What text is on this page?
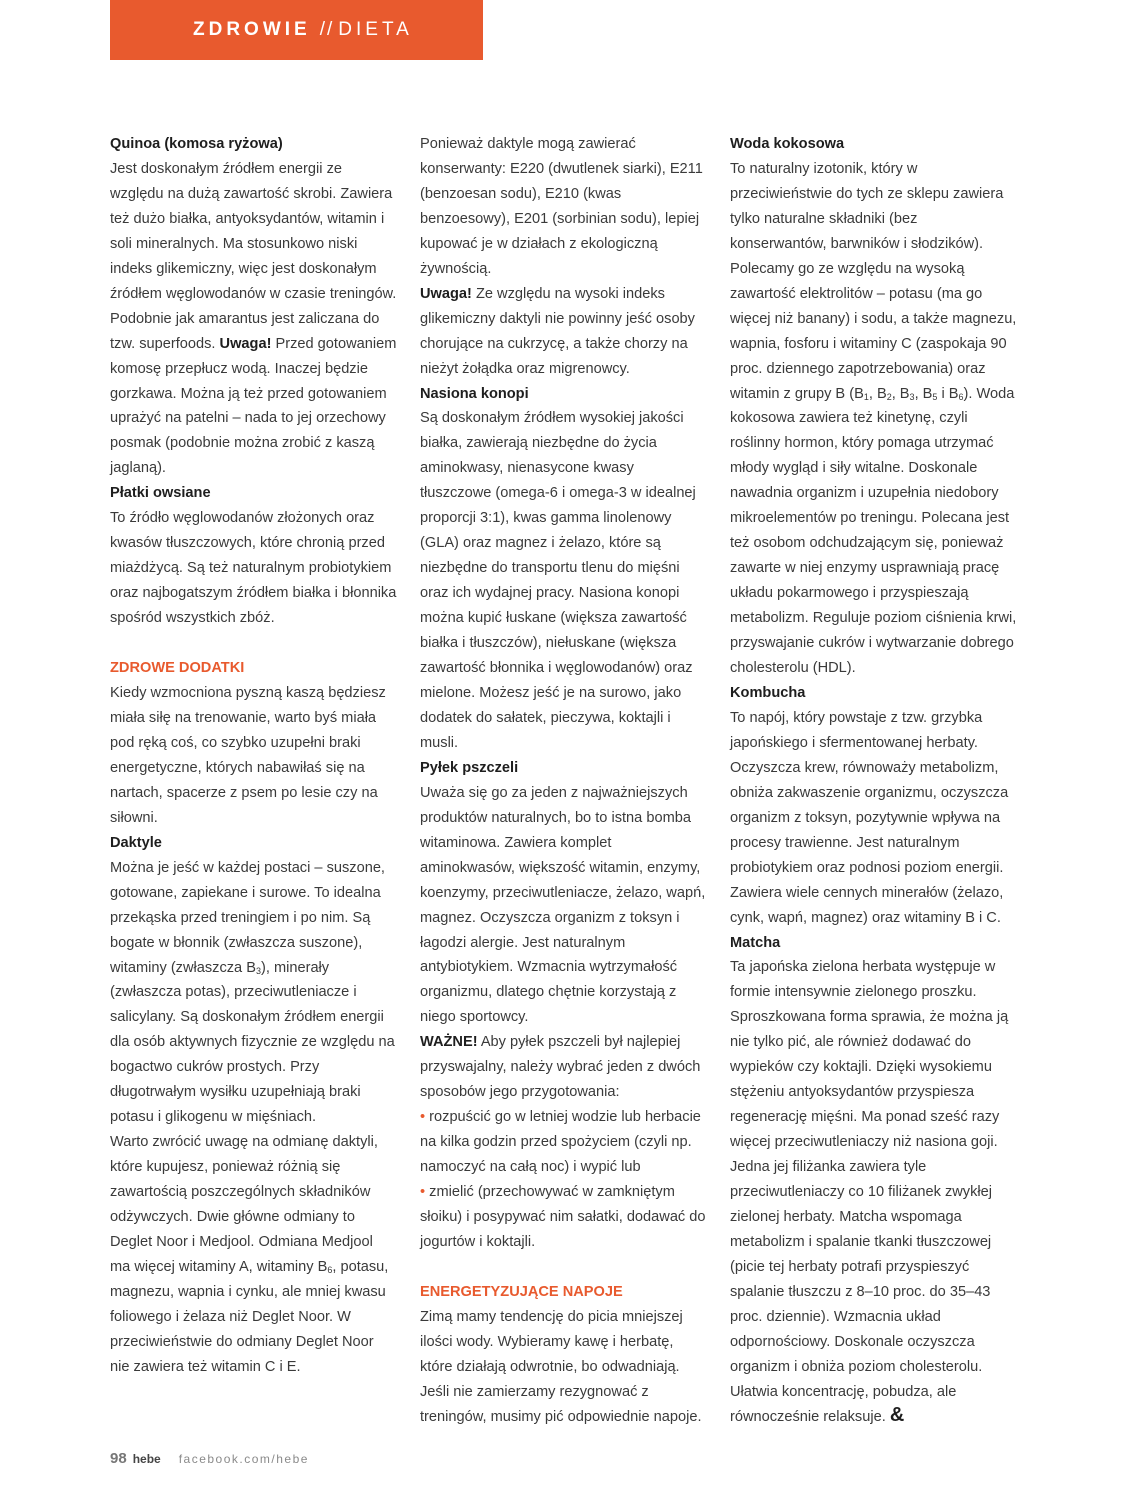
ZDROWIE // DIETA

Quinoa (komosa ryżowa)

Jest doskonałym źródłem energii ze względu na dużą zawartość skrobi. Zawiera też dużo białka, antyoksydantów, witamin i soli mineralnych. Ma stosunkowo niski indeks glikemiczny, więc jest doskonałym źródłem węglowodanów w czasie treningów. Podobnie jak amarantus jest zaliczana do tzw. superfoods. Uwaga! Przed gotowaniem komosę przepłucz wodą. Inaczej będzie gorzkawa. Można ją też przed gotowaniem uprażyć na patelni – nada to jej orzechowy posmak (podobnie można zrobić z kaszą jaglaną).

Płatki owsiane

To źródło węglowodanów złożonych oraz kwasów tłuszczowych, które chronią przed miażdżycą. Są też naturalnym probiotykiem oraz najbogatszym źródłem białka i błonnika spośród wszystkich zbóż.

ZDROWE DODATKI

Kiedy wzmocniona pyszną kaszą będziesz miała siłę na trenowanie, warto byś miała pod ręką coś, co szybko uzupełni braki energetyczne, których nabawiłaś się na nartach, spacerze z psem po lesie czy na siłowni.

Daktyle

Można je jeść w każdej postaci – suszone, gotowane, zapiekane i surowe. To idealna przekąska przed treningiem i po nim. Są bogate w błonnik (zwłaszcza suszone), witaminy (zwłaszcza $B_3$), minerały (zwłaszcza potas), przeciwutleniacze i salicylany. Są doskonałym źródłem energii dla osób aktywnych fizycznie ze względu na bogactwo cukrów prostych. Przy długotrwałym wysiłku uzupełniają braki potasu i glikogenu w mięśniach.

Warto zwrócić uwagę na odmianę daktyli, które kupujesz, ponieważ różnią się zawartością poszczególnych składników odżywczych. Dwie główne odmiany to Deglet Noor i Medjool. Odmiana Medjool ma więcej witaminy A, witaminy $B_6$, potasu, magnezu, wapnia i cynku, ale mniej kwasu foliowego i żelaza niż Deglet Noor. W przeciwieństwie do odmiany Deglet Noor nie zawiera też witamin C i E.

Ponieważ daktyle mogą zawierać konserwanty: E220 (dwutlenek siarki), E211 (benzoesan sodu), E210 (kwas benzoesowy), E201 (sorbinian sodu), lepiej kupować je w działach z ekologiczną żywnością.

Uwaga! Ze względu na wysoki indeks glikemiczny daktyli nie powinny jeść osoby chorujące na cukrzycę, a także chorzy na nieżyt żołądka oraz migrenowcy.

Nasiona konopi

Są doskonałym źródłem wysokiej jakości białka, zawierają niezbędne do życia aminokwasy, nienasycone kwasy tłuszczowe (omega-6 i omega-3 w idealnej proporcji 3:1), kwas gamma linolenowy (GLA) oraz magnez i żelazo, które są niezbędne do transportu tlenu do mięśni oraz ich wydajnej pracy. Nasiona konopi można kupić łuskane (większa zawartość białka i tłuszczów), niełuskane (większa zawartość błonnika i węglowodanów) oraz mielone. Możesz jeść je na surowo, jako dodatek do sałatek, pieczywa, koktajli i musli.

Pyłek pszczeli

Uważa się go za jeden z najważniejszych produktów naturalnych, bo to istna bomba witaminowa. Zawiera komplet aminokwasów, większość witamin, enzymy, koenzymy, przeciwutleniacze, żelazo, wapń, magnez. Oczyszcza organizm z toksyn i łagodzi alergie. Jest naturalnym antybiotykiem. Wzmacnia wytrzymałość organizmu, dlatego chętnie korzystają z niego sportowcy.

WAŻNE! Aby pyłek pszczeli był najlepiej przyswajalny, należy wybrać jeden z dwóch sposobów jego przygotowania:

• rozpuścić go w letniej wodzie lub herbacie na kilka godzin przed spożyciem (czyli np. namoczyć na całą noc) i wypić lub

• zmielić (przechowywać w zamkniętym słoiku) i posypywać nim sałatki, dodawać do jogurtów i koktajli.

ENERGETYZUJĄCE NAPOJE

Zimą mamy tendencję do picia mniejszej ilości wody. Wybieramy kawę i herbatę, które działają odwrotnie, bo odwadniają. Jeśli nie zamierzamy rezygnować z treningów, musimy pić odpowiednie napoje.

Woda kokosowa

To naturalny izotonik, który w przeciwieństwie do tych ze sklepu zawiera tylko naturalne składniki (bez konserwantów, barwników i słodzików). Polecamy go ze względu na wysoką zawartość elektrolitów – potasu (ma go więcej niż banany) i sodu, a także magnezu, wapnia, fosforu i witaminy C (zaspokaja 90 proc. dziennego zapotrzebowania) oraz witamin z grupy B ($B_1$, $B_2$, $B_3$, $B_5$ i $B_6$). Woda kokosowa zawiera też kinetynę, czyli roślinny hormon, który pomaga utrzymać młody wygląd i siły witalne. Doskonale nawadnia organizm i uzupełnia niedobory mikroelementów po treningu. Polecana jest też osobom odchudzającym się, ponieważ zawarte w niej enzymy usprawniają pracę układu pokarmowego i przyspieszają metabolizm. Reguluje poziom ciśnienia krwi, przyswajanie cukrów i wytwarzanie dobrego cholesterolu (HDL).

Kombucha

To napój, który powstaje z tzw. grzybka japońskiego i sfermentowanej herbaty. Oczyszcza krew, równoważy metabolizm, obniża zakwaszenie organizmu, oczyszcza organizm z toksyn, pozytywnie wpływa na procesy trawienne. Jest naturalnym probiotykiem oraz podnosi poziom energii. Zawiera wiele cennych minerałów (żelazo, cynk, wapń, magnez) oraz witaminy B i C.

Matcha

Ta japońska zielona herbata występuje w formie intensywnie zielonego proszku. Sproszkowana forma sprawia, że można ją nie tylko pić, ale również dodawać do wypieków czy koktajli. Dzięki wysokiemu stężeniu antyoksydantów przyspiesza regenerację mięśni. Ma ponad sześć razy więcej przeciwutleniaczy niż nasiona goji. Jedna jej filiżanka zawiera tyle przeciwutleniaczy co 10 filiżanek zwykłej zielonej herbaty. Matcha wspomaga metabolizm i spalanie tkanki tłuszczowej (picie tej herbaty potrafi przyspieszyć spalanie tłuszczu z 8–10 proc. do 35–43 proc. dziennie). Wzmacnia układ odpornościowy. Doskonale oczyszcza organizm i obniża poziom cholesterolu. Ułatwia koncentrację, pobudza, ale równocześnie relaksuje. &

98 hebe facebook.com/hebe
